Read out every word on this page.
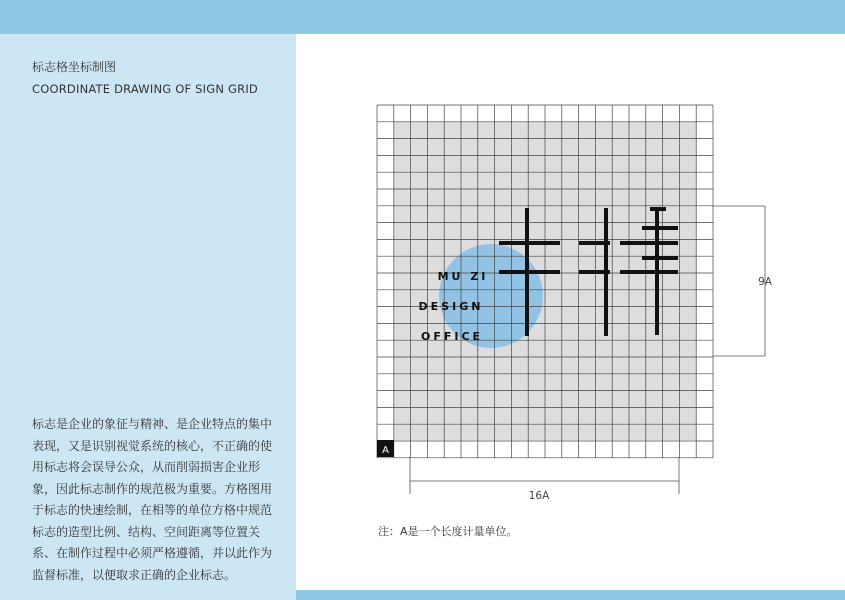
标志格坐标制图
COORDINATE DRAWING OF SIGN GRID
标志是企业的象征与精神、是企业特点的集中表现，又是识别视觉系统的核心，不正确的使用标志将会误导公众，从而削弱损害企业形象，因此标志制作的规范极为重要。方格图用于标志的快速绘制，在相等的单位方格中规范标志的造型比例、结构、空间距离等位置关系、在制作过程中必须严格遵循，并以此作为监督标准，以便取求正确的企业标志。
A
MU ZI
DESIGN
OFFICE
9A
16A
注：A是一个长度计量单位。
